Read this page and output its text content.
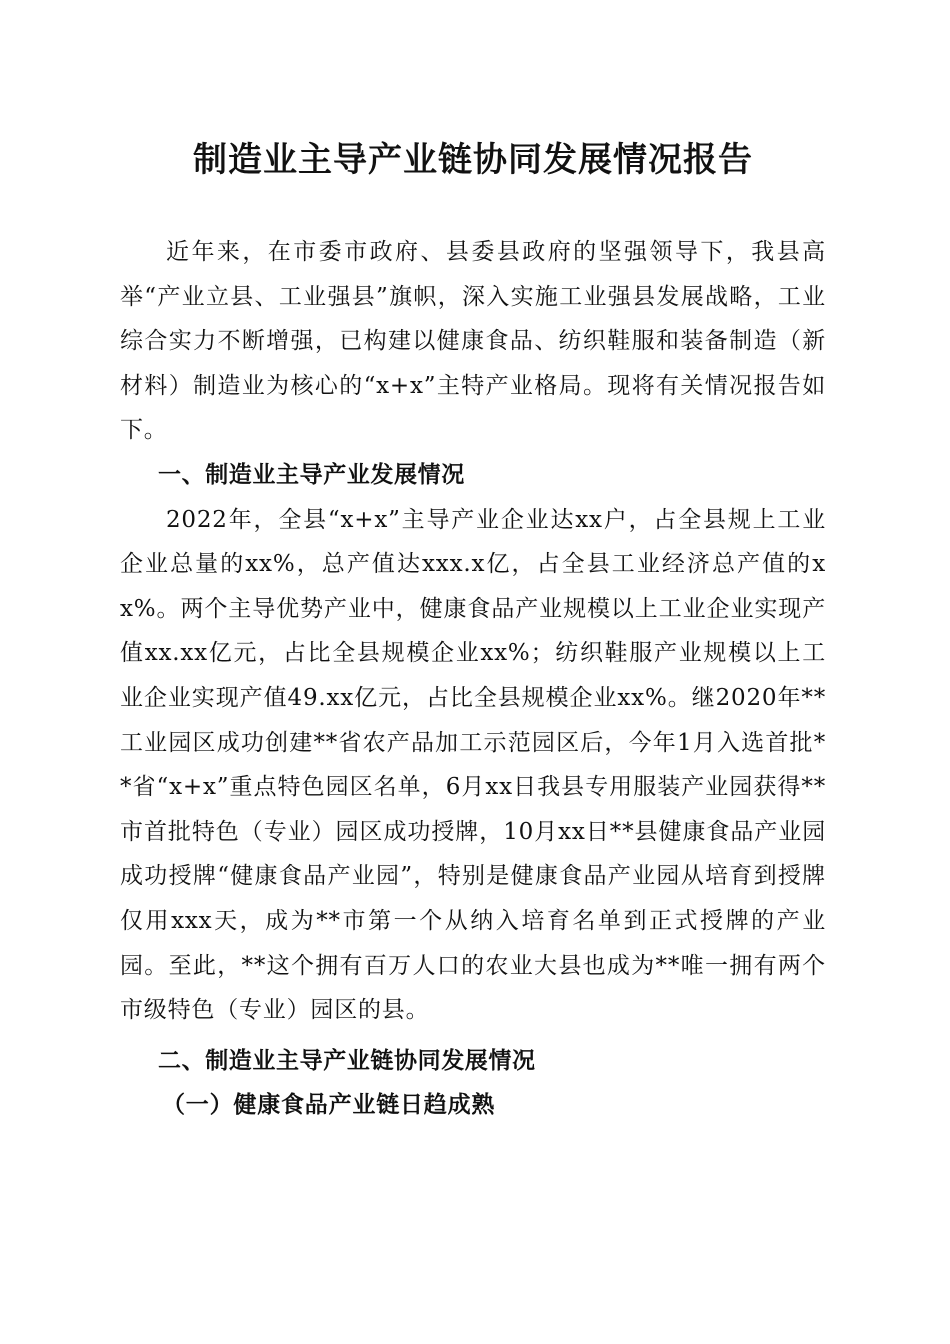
制造业主导产业链协同发展情况报告

近年来，在市委市政府、县委县政府的坚强领导下，我县高举“产业立县、工业强县”旗帜，深入实施工业强县发展战略，工业综合实力不断增强，已构建以健康食品、纺织鞋服和装备制造（新材料）制造业为核心的“x+x”主特产业格局。现将有关情况报告如下。

一、制造业主导产业发展情况

2022年，全县“x+x”主导产业企业达xx户，占全县规上工业企业总量的xx%，总产值达xxx.x亿，占全县工业经济总产值的xx%。两个主导优势产业中，健康食品产业规模以上工业企业实现产值xx.xx亿元，占比全县规模企业xx%；纺织鞋服产业规模以上工业企业实现产值49.xx亿元，占比全县规模企业xx%。继2020年**工业园区成功创建**省农产品加工示范园区后，今年1月入选首批**省“x+x”重点特色园区名单，6月xx日我县专用服装产业园获得**市首批特色（专业）园区成功授牌，10月xx日**县健康食品产业园成功授牌“健康食品产业园”，特别是健康食品产业园从培育到授牌仅用xxx天，成为**市第一个从纳入培育名单到正式授牌的产业园。至此，**这个拥有百万人口的农业大县也成为**唯一拥有两个市级特色（专业）园区的县。

二、制造业主导产业链协同发展情况
（一）健康食品产业链日趋成熟
